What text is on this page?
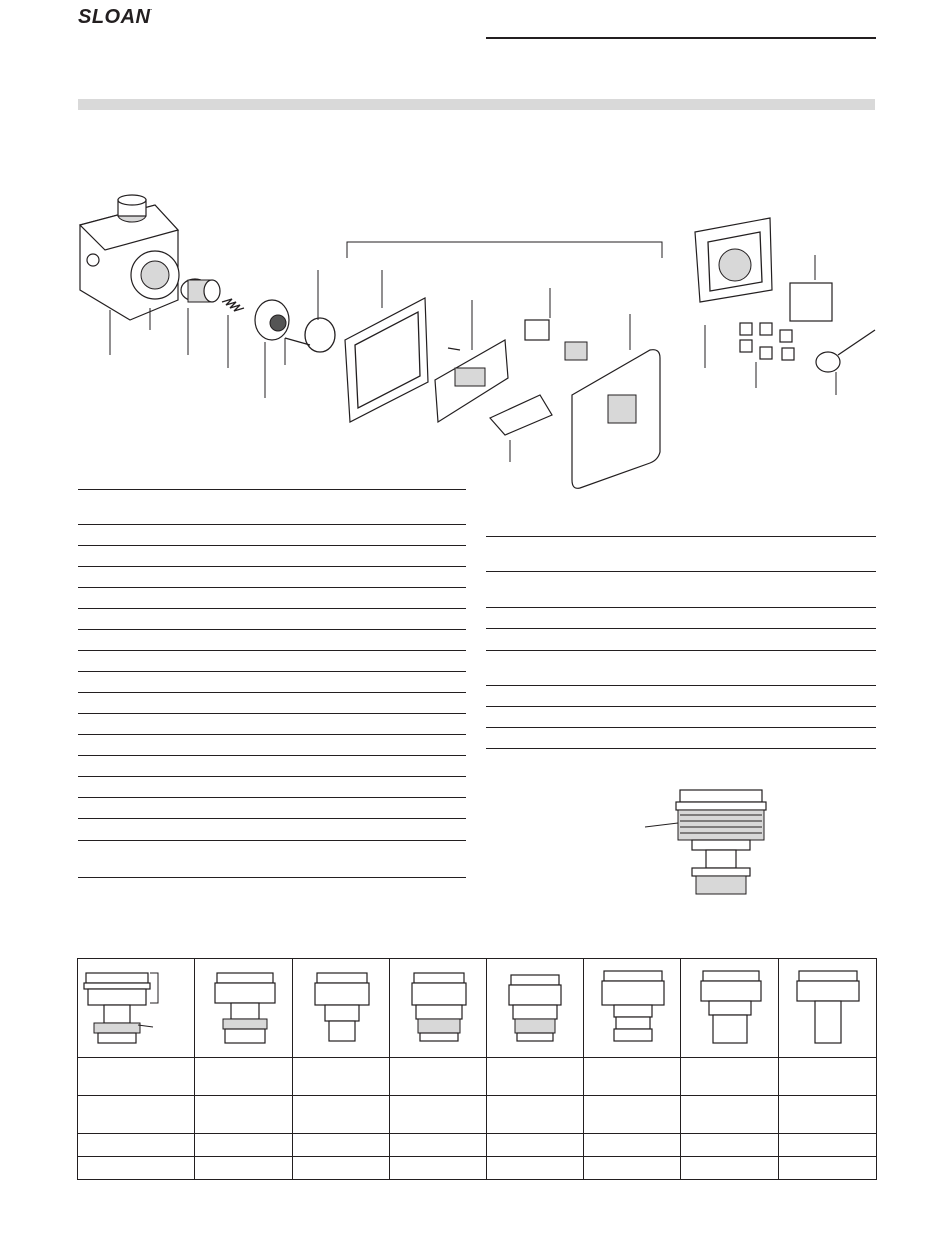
SLOAN.
